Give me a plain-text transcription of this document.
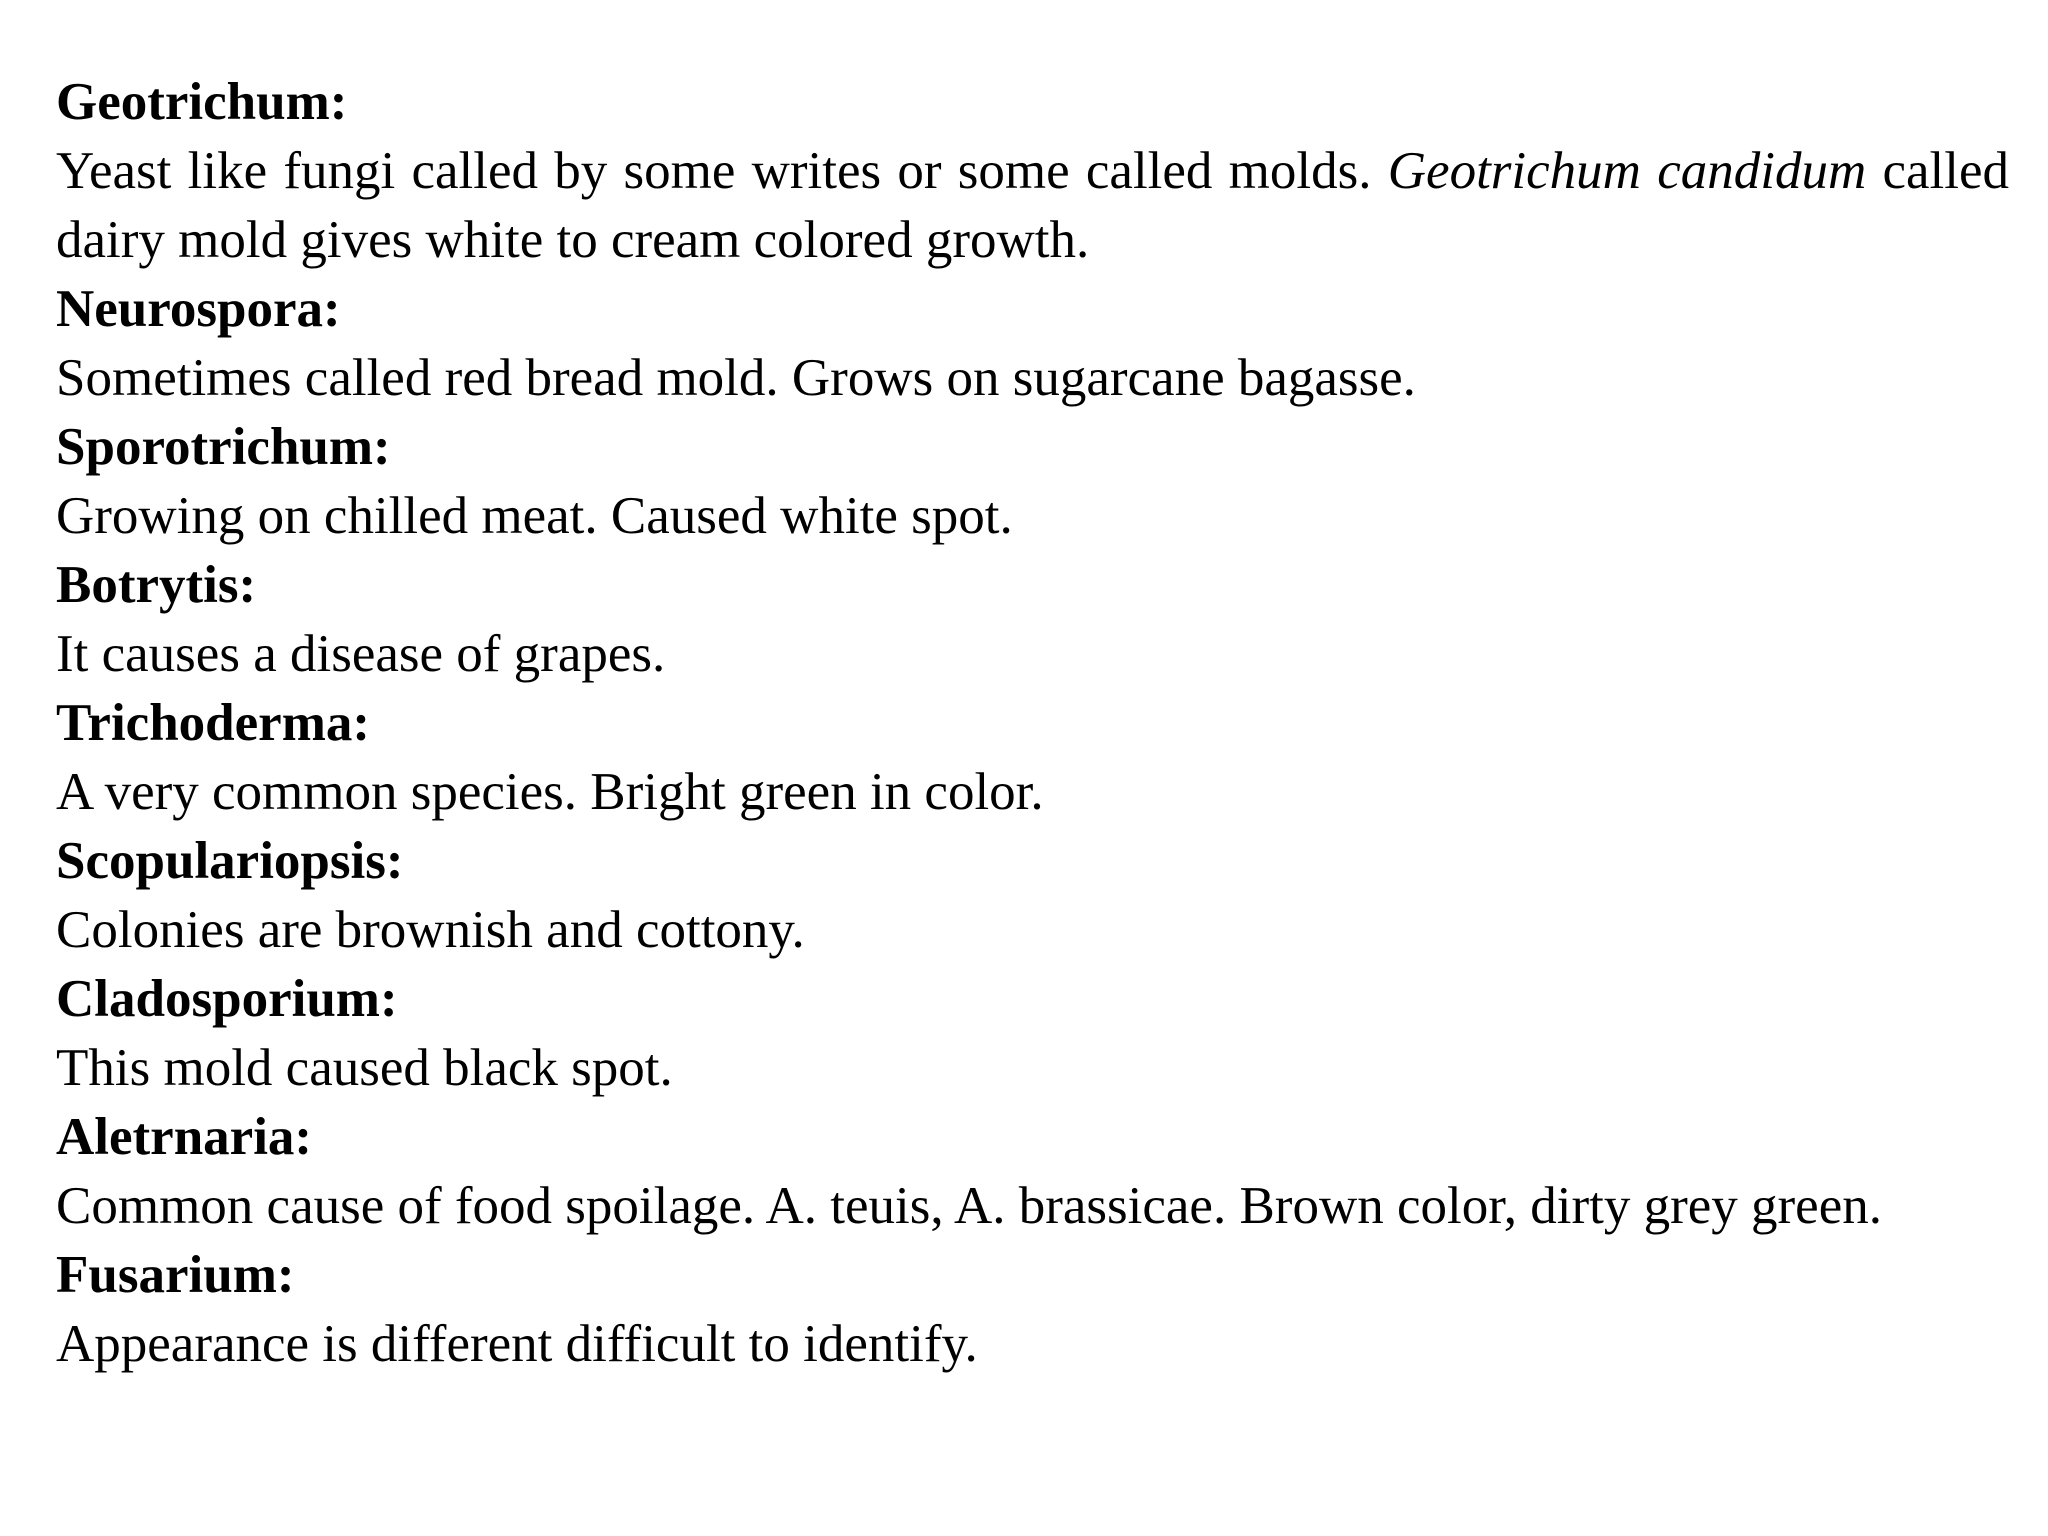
Geotrichum:

Yeast like fungi called by some writes or some called molds. Geotrichum candidum called dairy mold gives white to cream colored growth.

Neurospora:

Sometimes called red bread mold. Grows on sugarcane bagasse.

Sporotrichum:

Growing on chilled meat. Caused white spot.

Botrytis:

It causes a disease of grapes.

Trichoderma:

A very common species. Bright green in color.

Scopulariopsis:

Colonies are brownish and cottony.

Cladosporium:

This mold caused black spot.

Aletrnaria:

Common cause of food spoilage. A. teuis, A. brassicae. Brown color, dirty grey green.

Fusarium:

Appearance is different difficult to identify.
